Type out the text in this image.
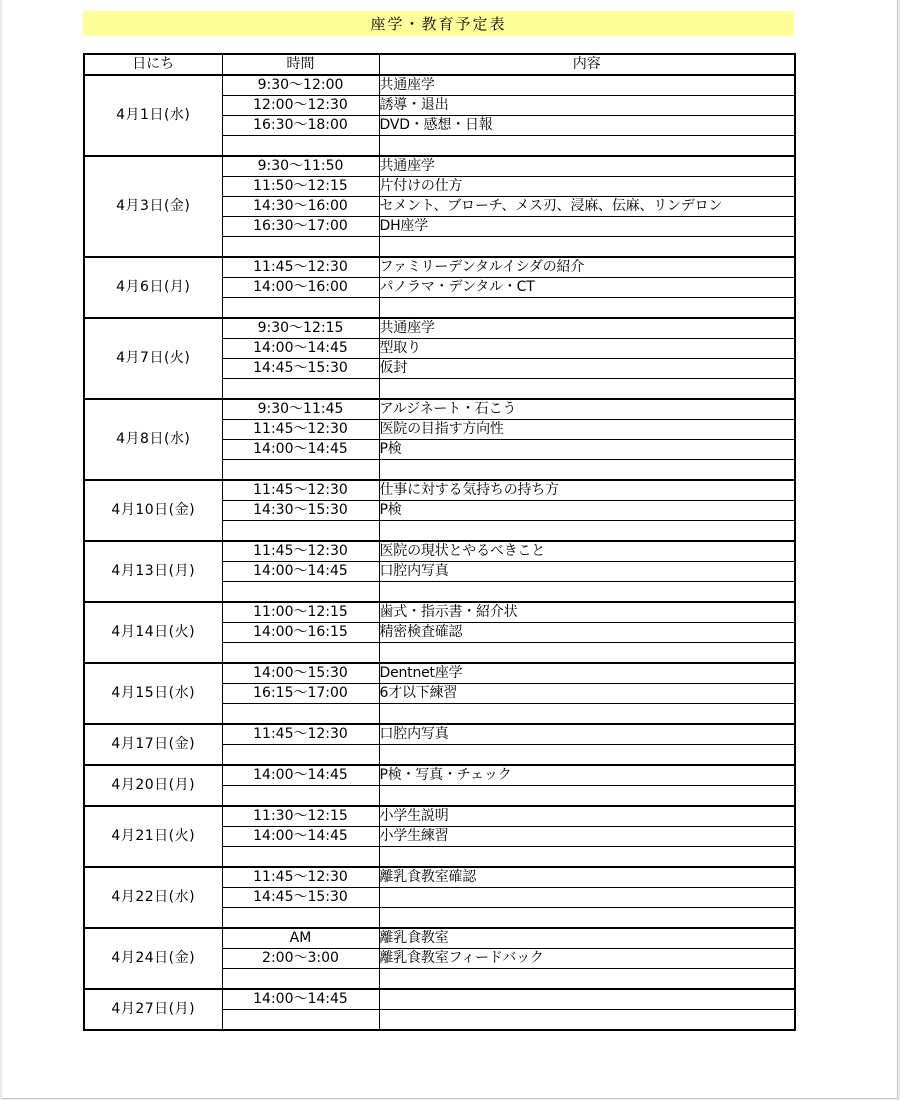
座学・教育予定表
日にち	時間	内容
4月1日(水)	9:30〜12:00	共通座学
	12:00〜12:30	誘導・退出
	16:30〜18:00	DVD・感想・日報

4月3日(金)	9:30〜11:50	共通座学
	11:50〜12:15	片付けの仕方
	14:30〜16:00	セメント、ブローチ、メス刃、浸麻、伝麻、リンデロン
	16:30〜17:00	DH座学

4月6日(月)	11:45〜12:30	ファミリーデンタルイシダの紹介
	14:00〜16:00	パノラマ・デンタル・CT

4月7日(火)	9:30〜12:15	共通座学
	14:00〜14:45	型取り
	14:45〜15:30	仮封

4月8日(水)	9:30〜11:45	アルジネート・石こう
	11:45〜12:30	医院の目指す方向性
	14:00〜14:45	P検

4月10日(金)	11:45〜12:30	仕事に対する気持ちの持ち方
	14:30〜15:30	P検

4月13日(月)	11:45〜12:30	医院の現状とやるべきこと
	14:00〜14:45	口腔内写真

4月14日(火)	11:00〜12:15	歯式・指示書・紹介状
	14:00〜16:15	精密検査確認

4月15日(水)	14:00〜15:30	Dentnet座学
	16:15〜17:00	6才以下練習

4月17日(金)	11:45〜12:30	口腔内写真

4月20日(月)	14:00〜14:45	P検・写真・チェック

4月21日(火)	11:30〜12:15	小学生説明
	14:00〜14:45	小学生練習

4月22日(水)	11:45〜12:30	離乳食教室確認
	14:45〜15:30	

4月24日(金)	AM	離乳食教室
	2:00〜3:00	離乳食教室フィードバック

4月27日(月)	14:00〜14:45	
